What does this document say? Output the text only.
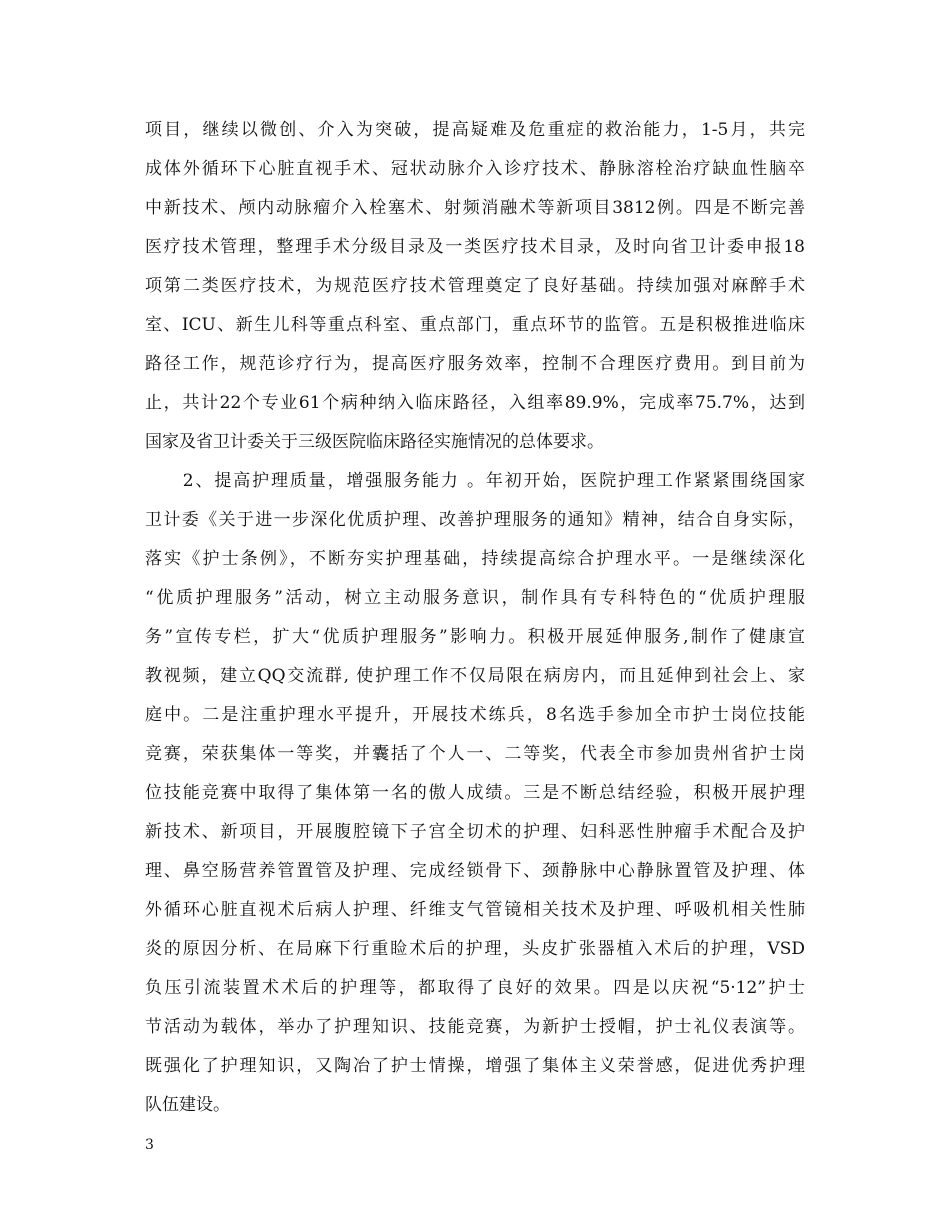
项目，继续以微创、介入为突破，提高疑难及危重症的救治能力，1-5月，共完
成体外循环下心脏直视手术、冠状动脉介入诊疗技术、静脉溶栓治疗缺血性脑卒
中新技术、颅内动脉瘤介入栓塞术、射频消融术等新项目3812例。四是不断完善
医疗技术管理，整理手术分级目录及一类医疗技术目录，及时向省卫计委申报18
项第二类医疗技术，为规范医疗技术管理奠定了良好基础。持续加强对麻醉手术
室、ICU、新生儿科等重点科室、重点部门，重点环节的监管。五是积极推进临床
路径工作，规范诊疗行为，提高医疗服务效率，控制不合理医疗费用。到目前为
止，共计22个专业61个病种纳入临床路径，入组率89.9%，完成率75.7%，达到
国家及省卫计委关于三级医院临床路径实施情况的总体要求。
　　2、提高护理质量，增强服务能力 。年初开始，医院护理工作紧紧围绕国家
卫计委《关于进一步深化优质护理、改善护理服务的通知》精神，结合自身实际，
落实《护士条例》，不断夯实护理基础，持续提高综合护理水平。一是继续深化
“优质护理服务”活动，树立主动服务意识，制作具有专科特色的“优质护理服
务”宣传专栏，扩大“优质护理服务”影响力。积极开展延伸服务,制作了健康宣
教视频，建立QQ交流群, 使护理工作不仅局限在病房内，而且延伸到社会上、家
庭中。二是注重护理水平提升，开展技术练兵，8名选手参加全市护士岗位技能
竞赛，荣获集体一等奖，并囊括了个人一、二等奖，代表全市参加贵州省护士岗
位技能竞赛中取得了集体第一名的傲人成绩。三是不断总结经验，积极开展护理
新技术、新项目，开展腹腔镜下子宫全切术的护理、妇科恶性肿瘤手术配合及护
理、鼻空肠营养管置管及护理、完成经锁骨下、颈静脉中心静脉置管及护理、体
外循环心脏直视术后病人护理、纤维支气管镜相关技术及护理、呼吸机相关性肺
炎的原因分析、在局麻下行重睑术后的护理，头皮扩张器植入术后的护理，VSD
负压引流装置术术后的护理等，都取得了良好的效果。四是以庆祝“5·12”护士
节活动为载体，举办了护理知识、技能竞赛，为新护士授帽，护士礼仪表演等。
既强化了护理知识，又陶冶了护士情操，增强了集体主义荣誉感，促进优秀护理
队伍建设。
3
